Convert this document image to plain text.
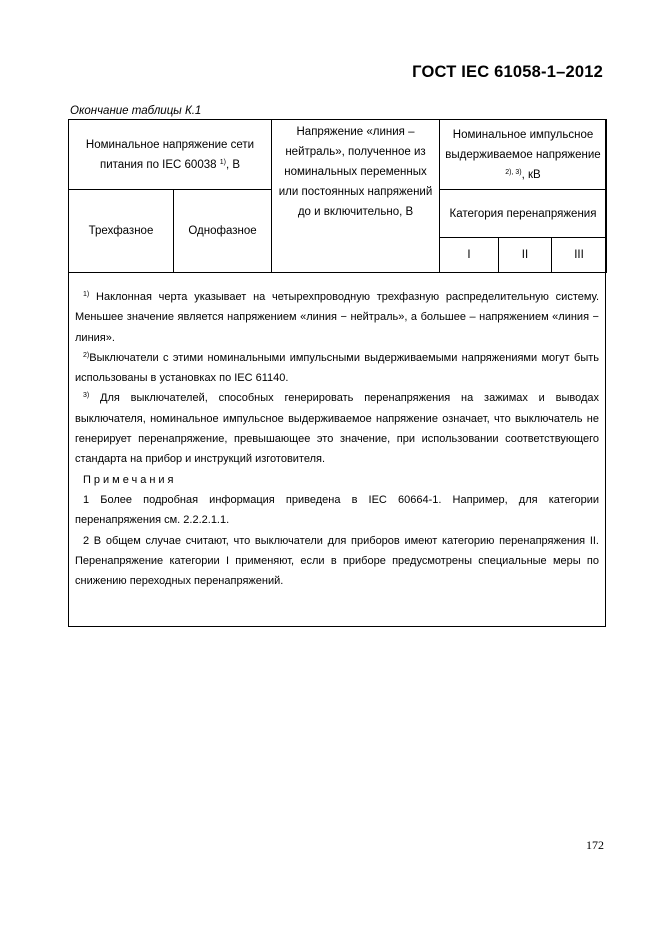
ГОСТ IEC 61058-1–2012
Окончание таблицы К.1
Номинальное напряжение сети питания по IEC 60038 $^{1)}$, В		Напряжение «линия – нейтраль», полученное из номинальных переменных или постоянных напряжений до и включительно, В	Номинальное импульсное выдерживаемое напряжение $^{2), 3)}$, кВ		
Трехфазное	Однофазное		Категория перенапряжения		
			I	II	III

$^{1)}$ Наклонная черта указывает на четырехпроводную трехфазную распределительную систему. Меньшее значение является напряжением «линия − нейтраль», а большее – напряжением «линия − линия».

$^{2)}$Выключатели с этими номинальными импульсными выдерживаемыми напряжениями могут быть использованы в установках по IEC 61140.

$^{3)}$ Для выключателей, способных генерировать перенапряжения на зажимах и выводах выключателя, номинальное импульсное выдерживаемое напряжение означает, что выключатель не генерирует перенапряжение, превышающее это значение, при использовании соответствующего стандарта на прибор и инструкций изготовителя.

Примечания

1 Более подробная информация приведена в IEC 60664-1. Например, для категории перенапряжения см. 2.2.2.1.1.

2 В общем случае считают, что выключатели для приборов имеют категорию перенапряжения II. Перенапряжение категории I применяют, если в приборе предусмотрены специальные меры по снижению переходных перенапряжений.

172
